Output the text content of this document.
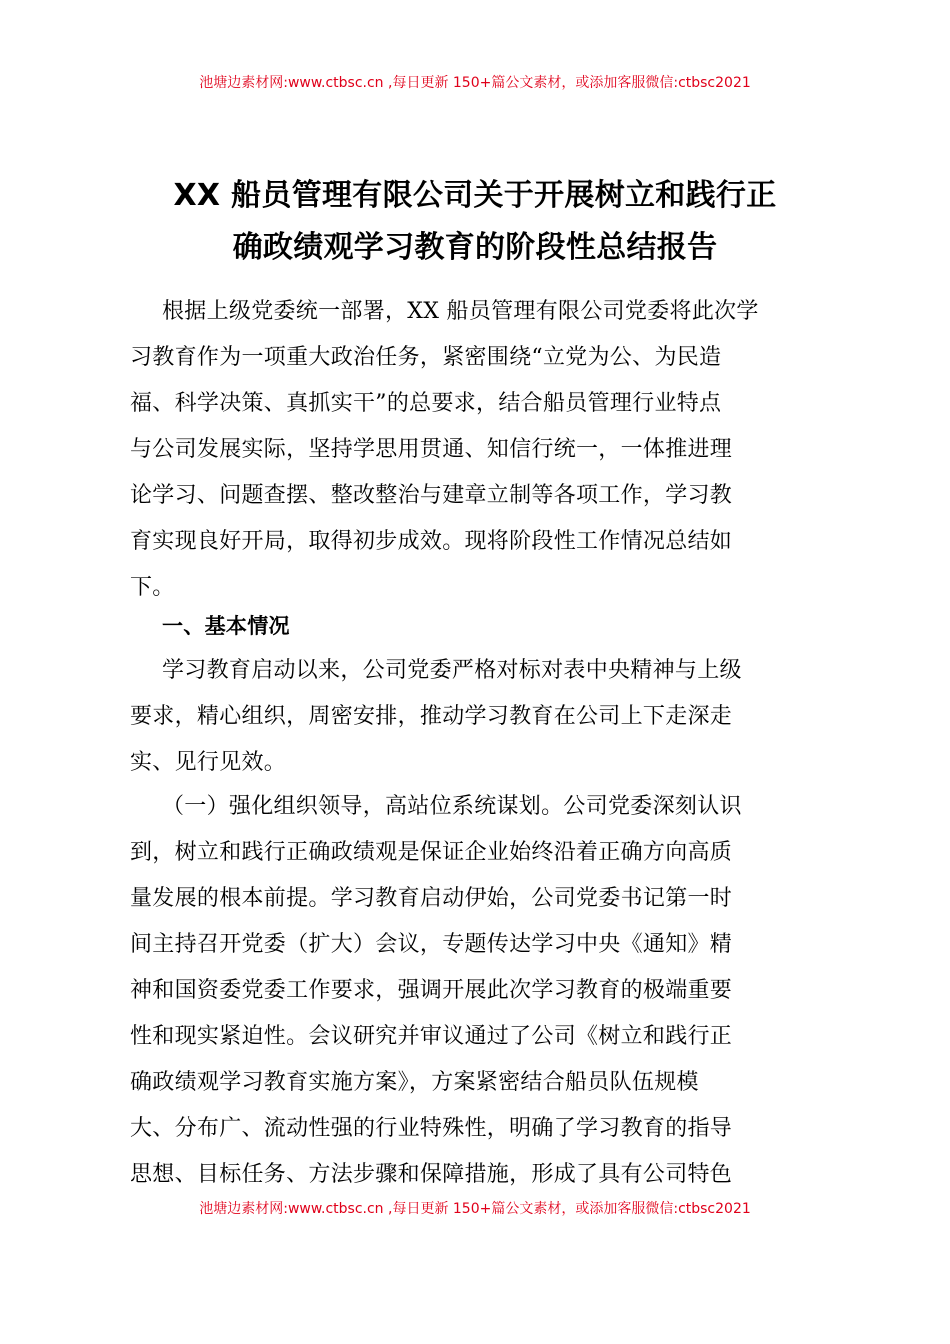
池塘边素材网:www.ctbsc.cn ,每日更新 150+篇公文素材，或添加客服微信:ctbsc2021
XX 船员管理有限公司关于开展树立和践行正
确政绩观学习教育的阶段性总结报告
根据上级党委统一部署，XX 船员管理有限公司党委将此次学
习教育作为一项重大政治任务，紧密围绕“立党为公、为民造
福、科学决策、真抓实干”的总要求，结合船员管理行业特点
与公司发展实际，坚持学思用贯通、知信行统一，一体推进理
论学习、问题查摆、整改整治与建章立制等各项工作，学习教
育实现良好开局，取得初步成效。现将阶段性工作情况总结如
下。
一、基本情况
学习教育启动以来，公司党委严格对标对表中央精神与上级
要求，精心组织，周密安排，推动学习教育在公司上下走深走
实、见行见效。
（一）强化组织领导，高站位系统谋划。公司党委深刻认识
到，树立和践行正确政绩观是保证企业始终沿着正确方向高质
量发展的根本前提。学习教育启动伊始，公司党委书记第一时
间主持召开党委（扩大）会议，专题传达学习中央《通知》精
神和国资委党委工作要求，强调开展此次学习教育的极端重要
性和现实紧迫性。会议研究并审议通过了公司《树立和践行正
确政绩观学习教育实施方案》，方案紧密结合船员队伍规模
大、分布广、流动性强的行业特殊性，明确了学习教育的指导
思想、目标任务、方法步骤和保障措施，形成了具有公司特色
池塘边素材网:www.ctbsc.cn ,每日更新 150+篇公文素材，或添加客服微信:ctbsc2021
